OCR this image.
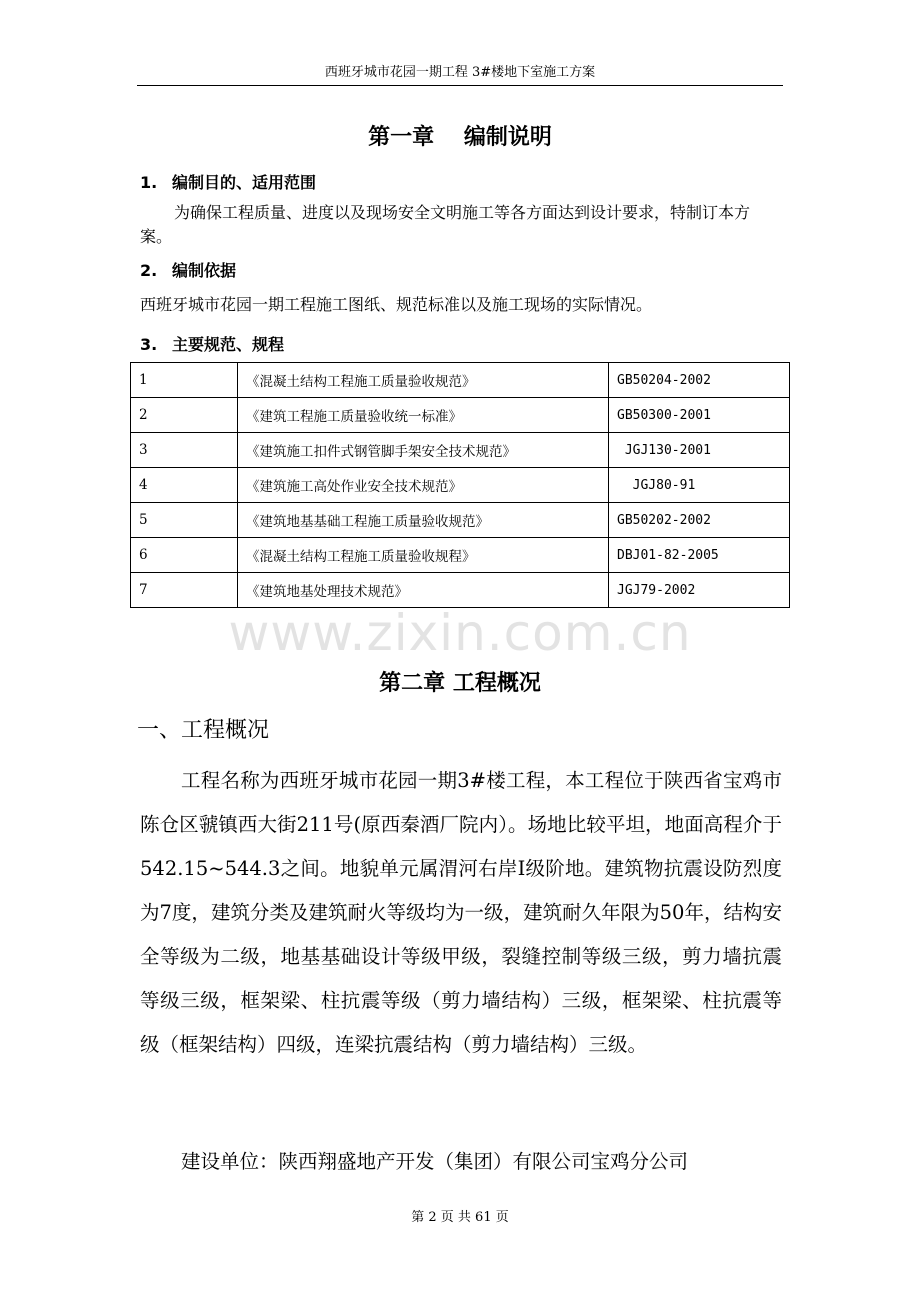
西班牙城市花园一期工程 3#楼地下室施工方案
第一章　 编制说明
1. 编制目的、适用范围
为确保工程质量、进度以及现场安全文明施工等各方面达到设计要求，特制订本方案。
2. 编制依据
西班牙城市花园一期工程施工图纸、规范标准以及施工现场的实际情况。
3. 主要规范、规程
1	《混凝土结构工程施工质量验收规范》	GB50204-2002
2	《建筑工程施工质量验收统一标准》	GB50300-2001
3	《建筑施工扣件式钢管脚手架安全技术规范》	JGJ130-2001
4	《建筑施工高处作业安全技术规范》	JGJ80-91
5	《建筑地基基础工程施工质量验收规范》	GB50202-2002
6	《混凝土结构工程施工质量验收规程》	DBJ01-82-2005
7	《建筑地基处理技术规范》	JGJ79-2002
www.zixin.com.cn
第二章 工程概况
一、工程概况
工程名称为西班牙城市花园一期3#楼工程，本工程位于陕西省宝鸡市陈仓区虢镇西大街211号(原西秦酒厂院内）。场地比较平坦，地面高程介于542.15~544.3之间。地貌单元属渭河右岸Ⅰ级阶地。建筑物抗震设防烈度为7度，建筑分类及建筑耐火等级均为一级，建筑耐久年限为50年，结构安全等级为二级，地基基础设计等级甲级，裂缝控制等级三级，剪力墙抗震等级三级，框架梁、柱抗震等级（剪力墙结构）三级，框架梁、柱抗震等级（框架结构）四级，连梁抗震结构（剪力墙结构）三级。
建设单位：陕西翔盛地产开发（集团）有限公司宝鸡分公司
第 2 页 共 61 页
